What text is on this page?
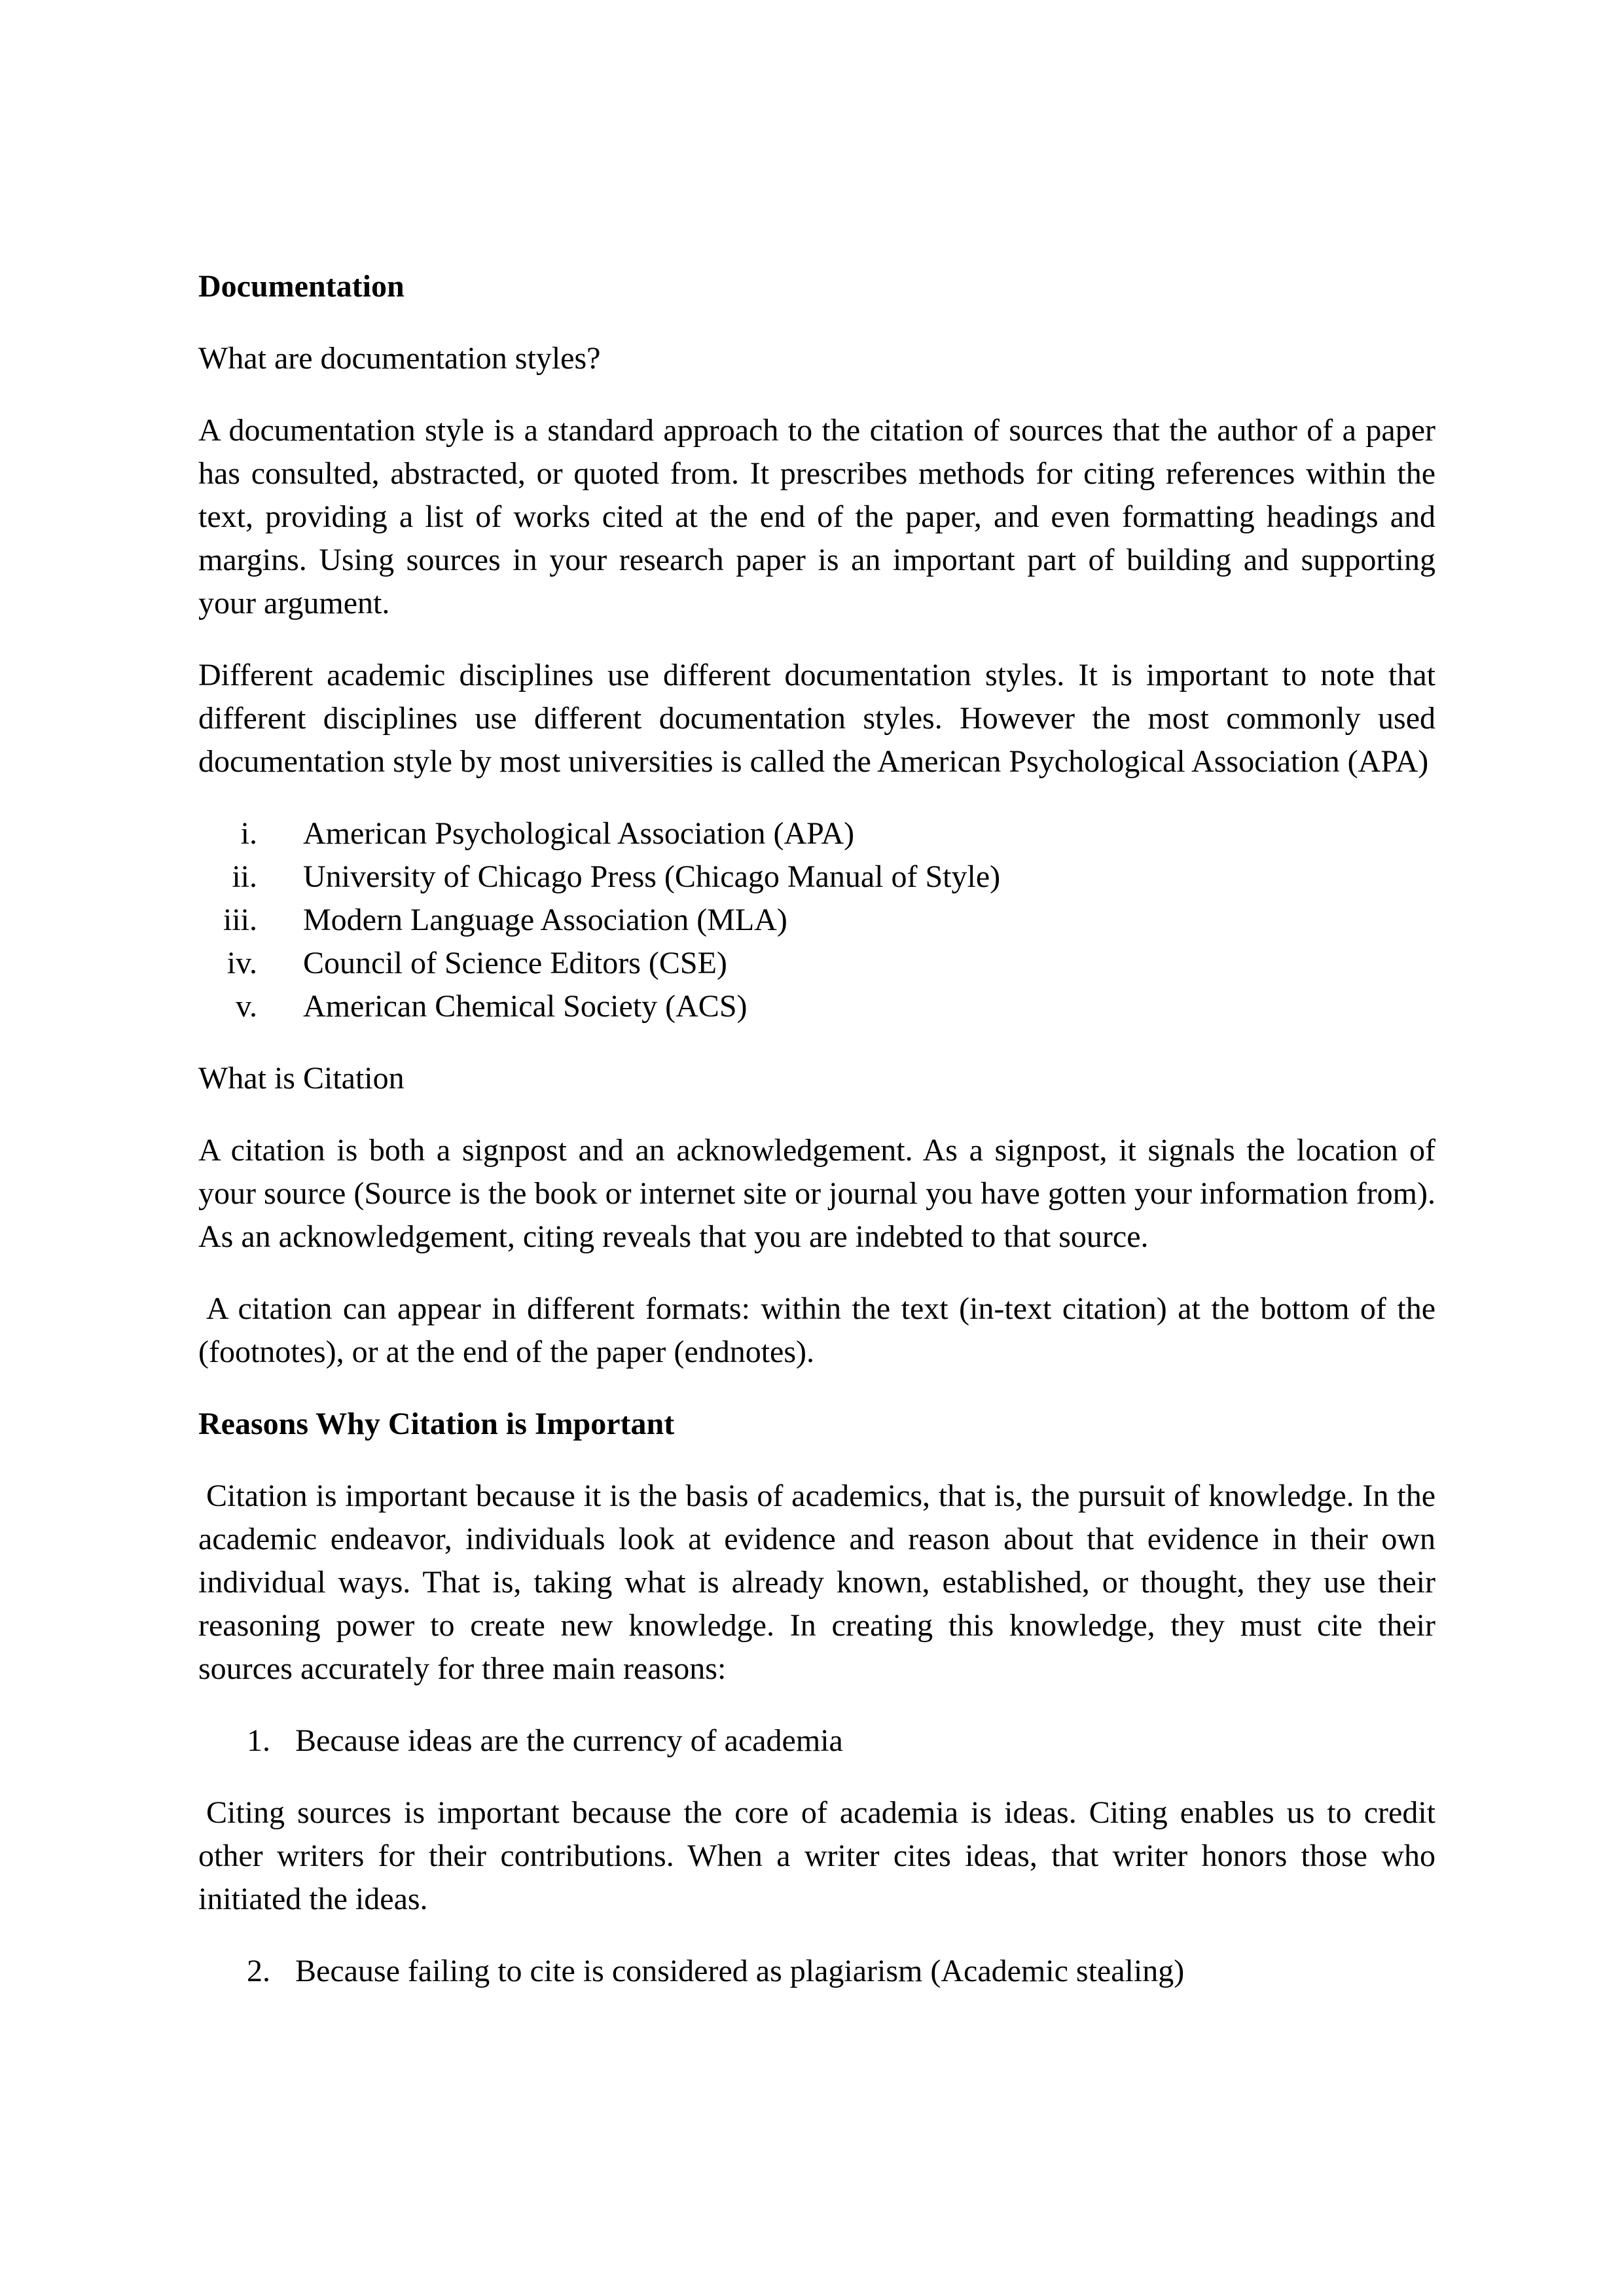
Documentation

What are documentation styles?

A documentation style is a standard approach to the citation of sources that the author of a paper has consulted, abstracted, or quoted from. It prescribes methods for citing references within the text, providing a list of works cited at the end of the paper, and even formatting headings and margins. Using sources in your research paper is an important part of building and supporting your argument.

Different academic disciplines use different documentation styles. It is important to note that different disciplines use different documentation styles. However the most commonly used documentation style by most universities is called the American Psychological Association (APA)

i. American Psychological Association (APA)
ii. University of Chicago Press (Chicago Manual of Style)
iii. Modern Language Association (MLA)
iv. Council of Science Editors (CSE)
v. American Chemical Society (ACS)

What is Citation

A citation is both a signpost and an acknowledgement. As a signpost, it signals the location of your source (Source is the book or internet site or journal you have gotten your information from). As an acknowledgement, citing reveals that you are indebted to that source.

A citation can appear in different formats: within the text (in-text citation) at the bottom of the (footnotes), or at the end of the paper (endnotes).

Reasons Why Citation is Important

Citation is important because it is the basis of academics, that is, the pursuit of knowledge. In the academic endeavor, individuals look at evidence and reason about that evidence in their own individual ways. That is, taking what is already known, established, or thought, they use their reasoning power to create new knowledge. In creating this knowledge, they must cite their sources accurately for three main reasons:

1. Because ideas are the currency of academia

Citing sources is important because the core of academia is ideas. Citing enables us to credit other writers for their contributions. When a writer cites ideas, that writer honors those who initiated the ideas.

2. Because failing to cite is considered as plagiarism (Academic stealing)
